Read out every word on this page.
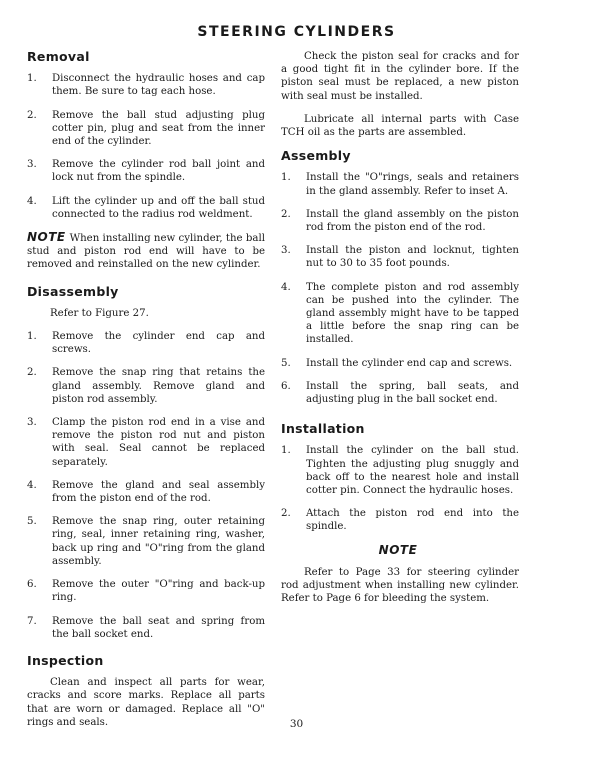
STEERING CYLINDERS
Removal
1.	Disconnect the hydraulic hoses and cap them. Be sure to tag each hose.
2.	Remove the ball stud adjusting plug cotter pin, plug and seat from the inner end of the cylinder.
3.	Remove the cylinder rod ball joint and lock nut from the spindle.
4.	Lift the cylinder up and off the ball stud connected to the radius rod weldment.
NOTE When installing new cylinder, the ball stud and piston rod end will have to be removed and reinstalled on the new cylinder.
Disassembly
Refer to Figure 27.
1.	Remove the cylinder end cap and screws.
2.	Remove the snap ring that retains the gland assembly. Remove gland and piston rod assembly.
3.	Clamp the piston rod end in a vise and remove the piston rod nut and piston with seal. Seal cannot be replaced separately.
4.	Remove the gland and seal assembly from the piston end of the rod.
5.	Remove the snap ring, outer retaining ring, seal, inner retaining ring, washer, back up ring and "O"ring from the gland assembly.
6.	Remove the outer "O"ring and back-up ring.
7.	Remove the ball seat and spring from the ball socket end.
Inspection
Clean and inspect all parts for wear, cracks and score marks. Replace all parts that are worn or damaged. Replace all "O" rings and seals.
Check the piston seal for cracks and for a good tight fit in the cylinder bore. If the piston seal must be replaced, a new piston with seal must be installed.
Lubricate all internal parts with Case TCH oil as the parts are assembled.
Assembly
1.	Install the "O"rings, seals and retainers in the gland assembly. Refer to inset A.
2.	Install the gland assembly on the piston rod from the piston end of the rod.
3.	Install the piston and locknut, tighten nut to 30 to 35 foot pounds.
4.	The complete piston and rod assembly can be pushed into the cylinder. The gland assembly might have to be tapped a little before the snap ring can be installed.
5.	Install the cylinder end cap and screws.
6.	Install the spring, ball seats, and adjusting plug in the ball socket end.
Installation
1.	Install the cylinder on the ball stud. Tighten the adjusting plug snuggly and back off to the nearest hole and install cotter pin. Connect the hydraulic hoses.
2.	Attach the piston rod end into the spindle.
NOTE
Refer to Page 33 for steering cylinder rod adjustment when installing new cylinder. Refer to Page 6 for bleeding the system.
30
